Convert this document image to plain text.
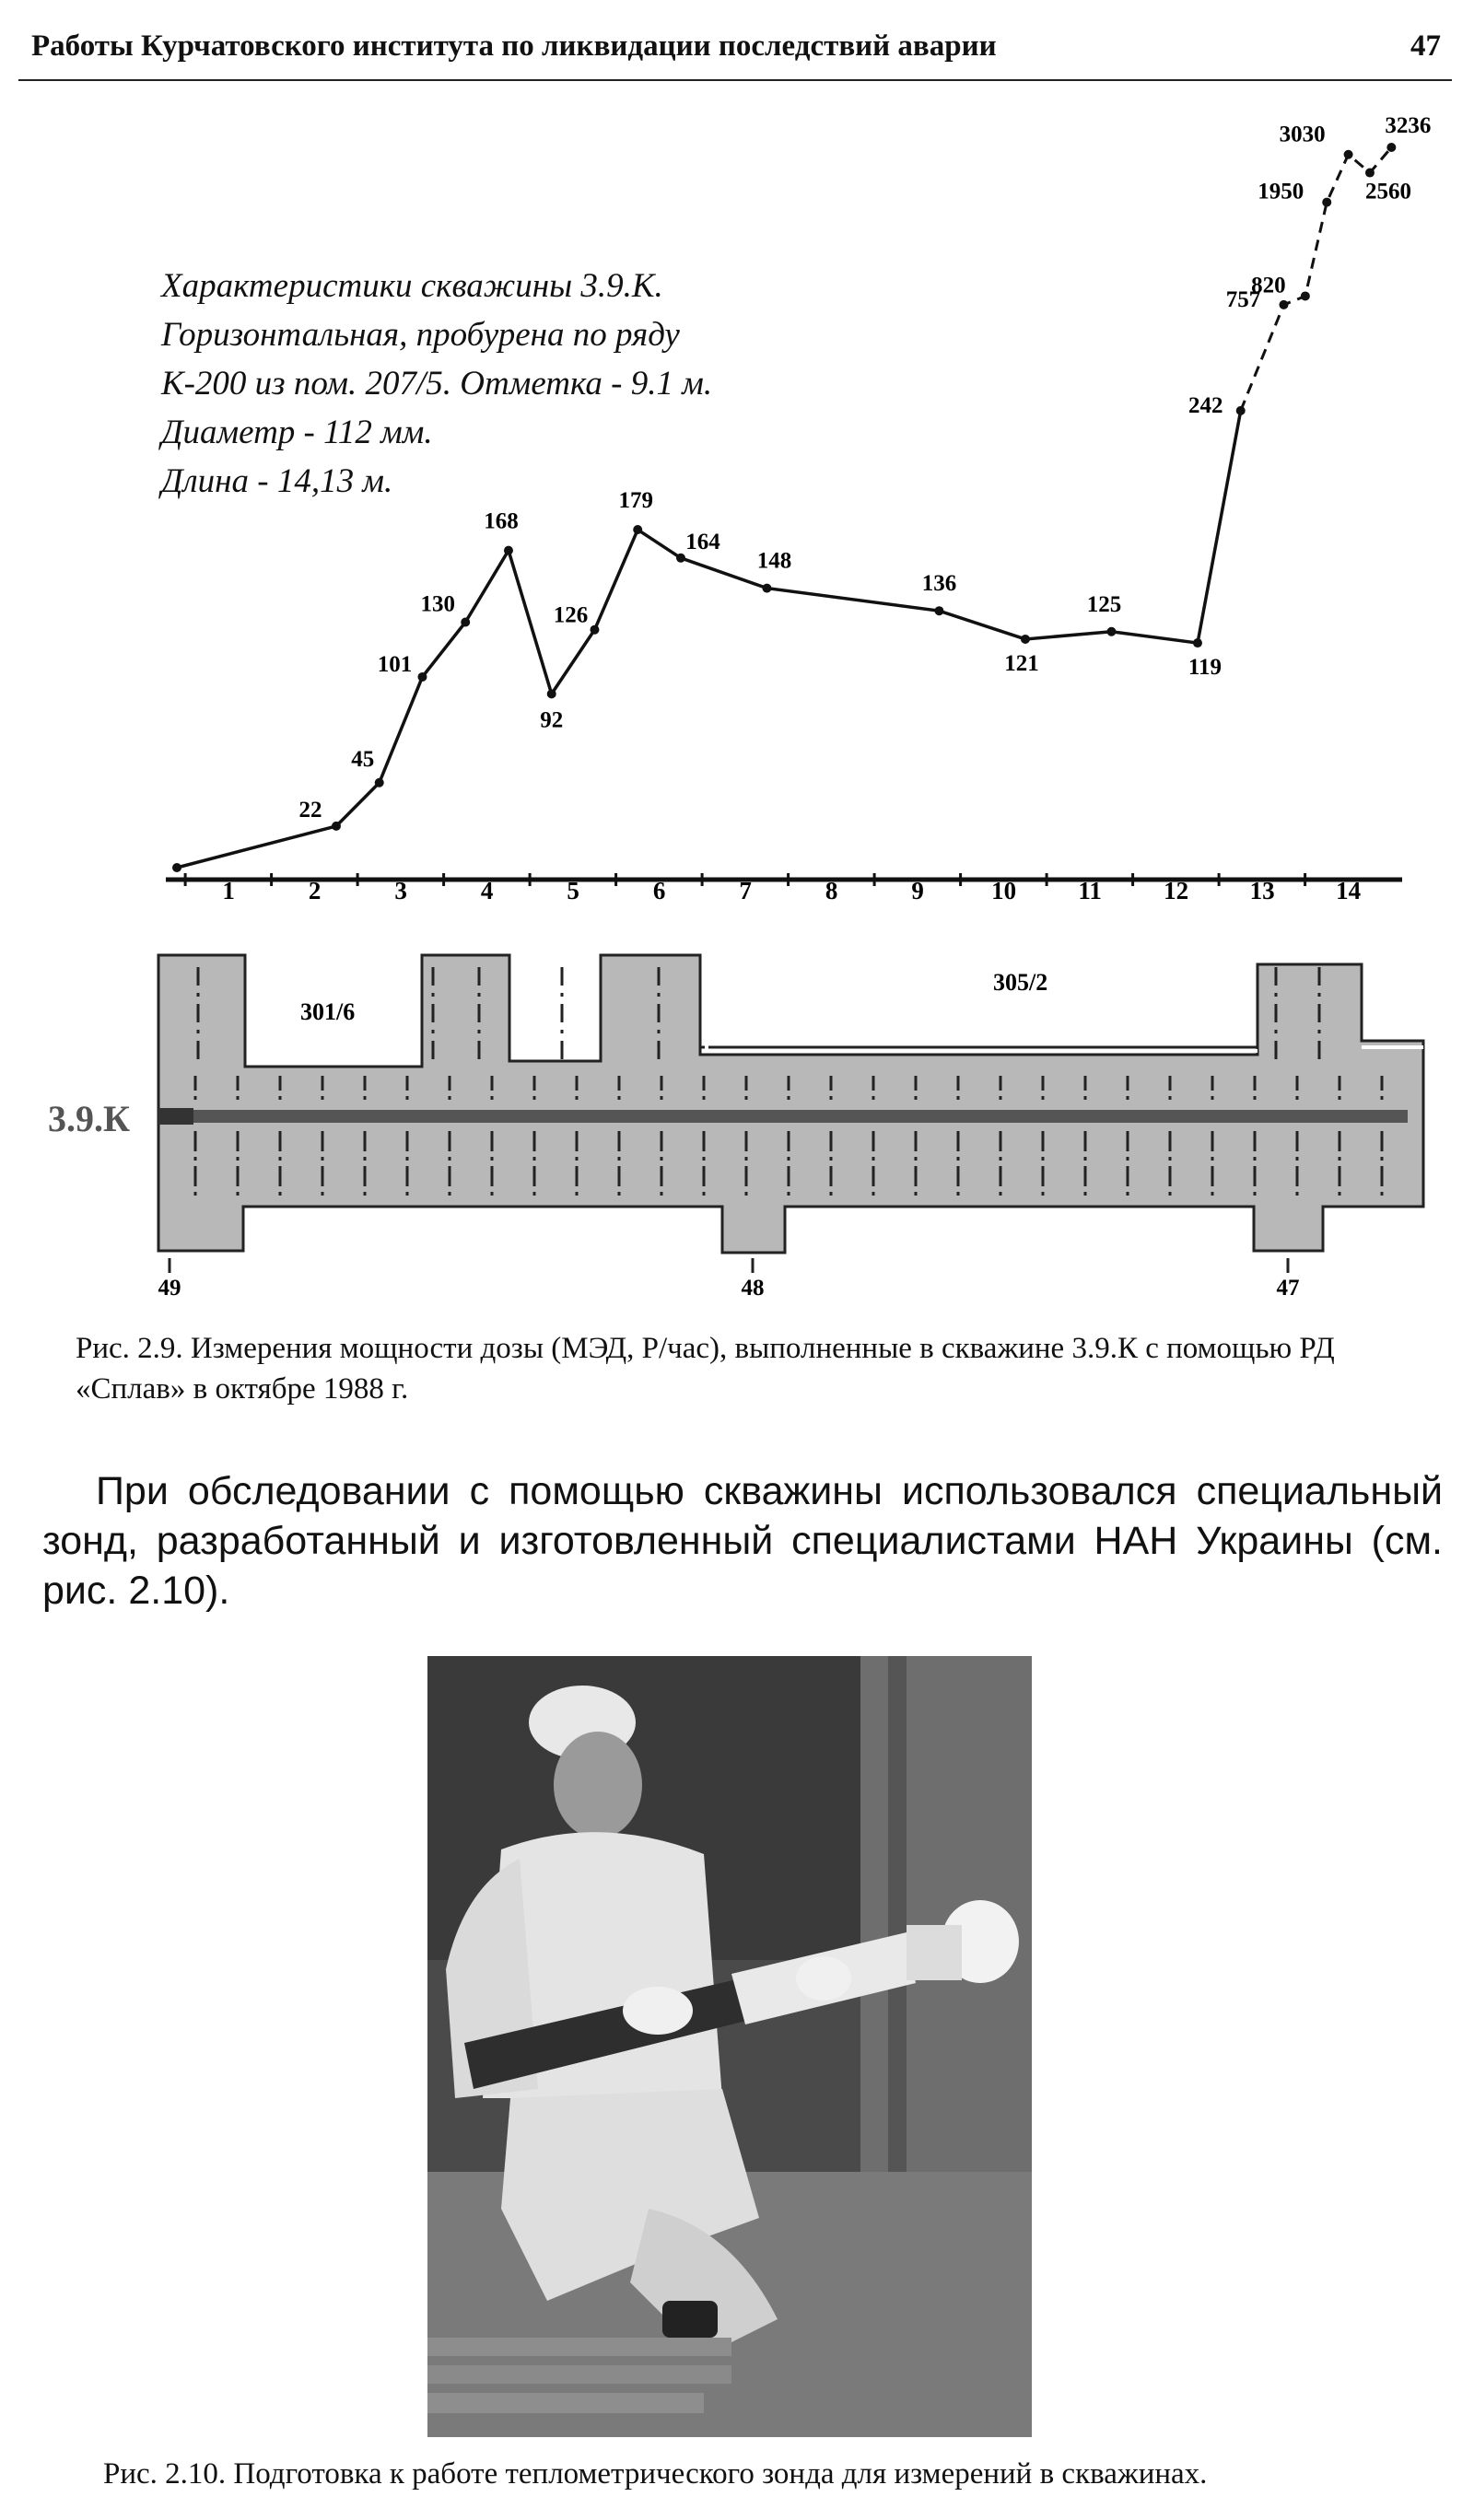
Работы Курчатовского института по ликвидации последствий аварии	47
Характеристики скважины 3.9.К.
Горизонтальная, пробурена по ряду
К-200 из пом. 207/5. Отметка - 9.1 м.
Диаметр - 112 мм.
Длина - 14,13 м.
1	2	3	4	5	6	7	8	9	10 11 12 13 14
22
45
101
130
168
92
126
179
164
148
136
121
125
119
242
757
820
1950
3030
2560
3236
301/6
305/2
3.9.К
49	48	47
Рис. 2.9. Измерения мощности дозы (МЭД, Р/час), выполненные в скважине 3.9.К с помощью РД «Сплав» в октябре 1988 г.
При обследовании с помощью скважины использовался специальный зонд, разработанный и изготовленный специалистами НАН Украины (см. рис. 2.10).
Рис. 2.10. Подготовка к работе теплометрического зонда для измерений в скважинах.
